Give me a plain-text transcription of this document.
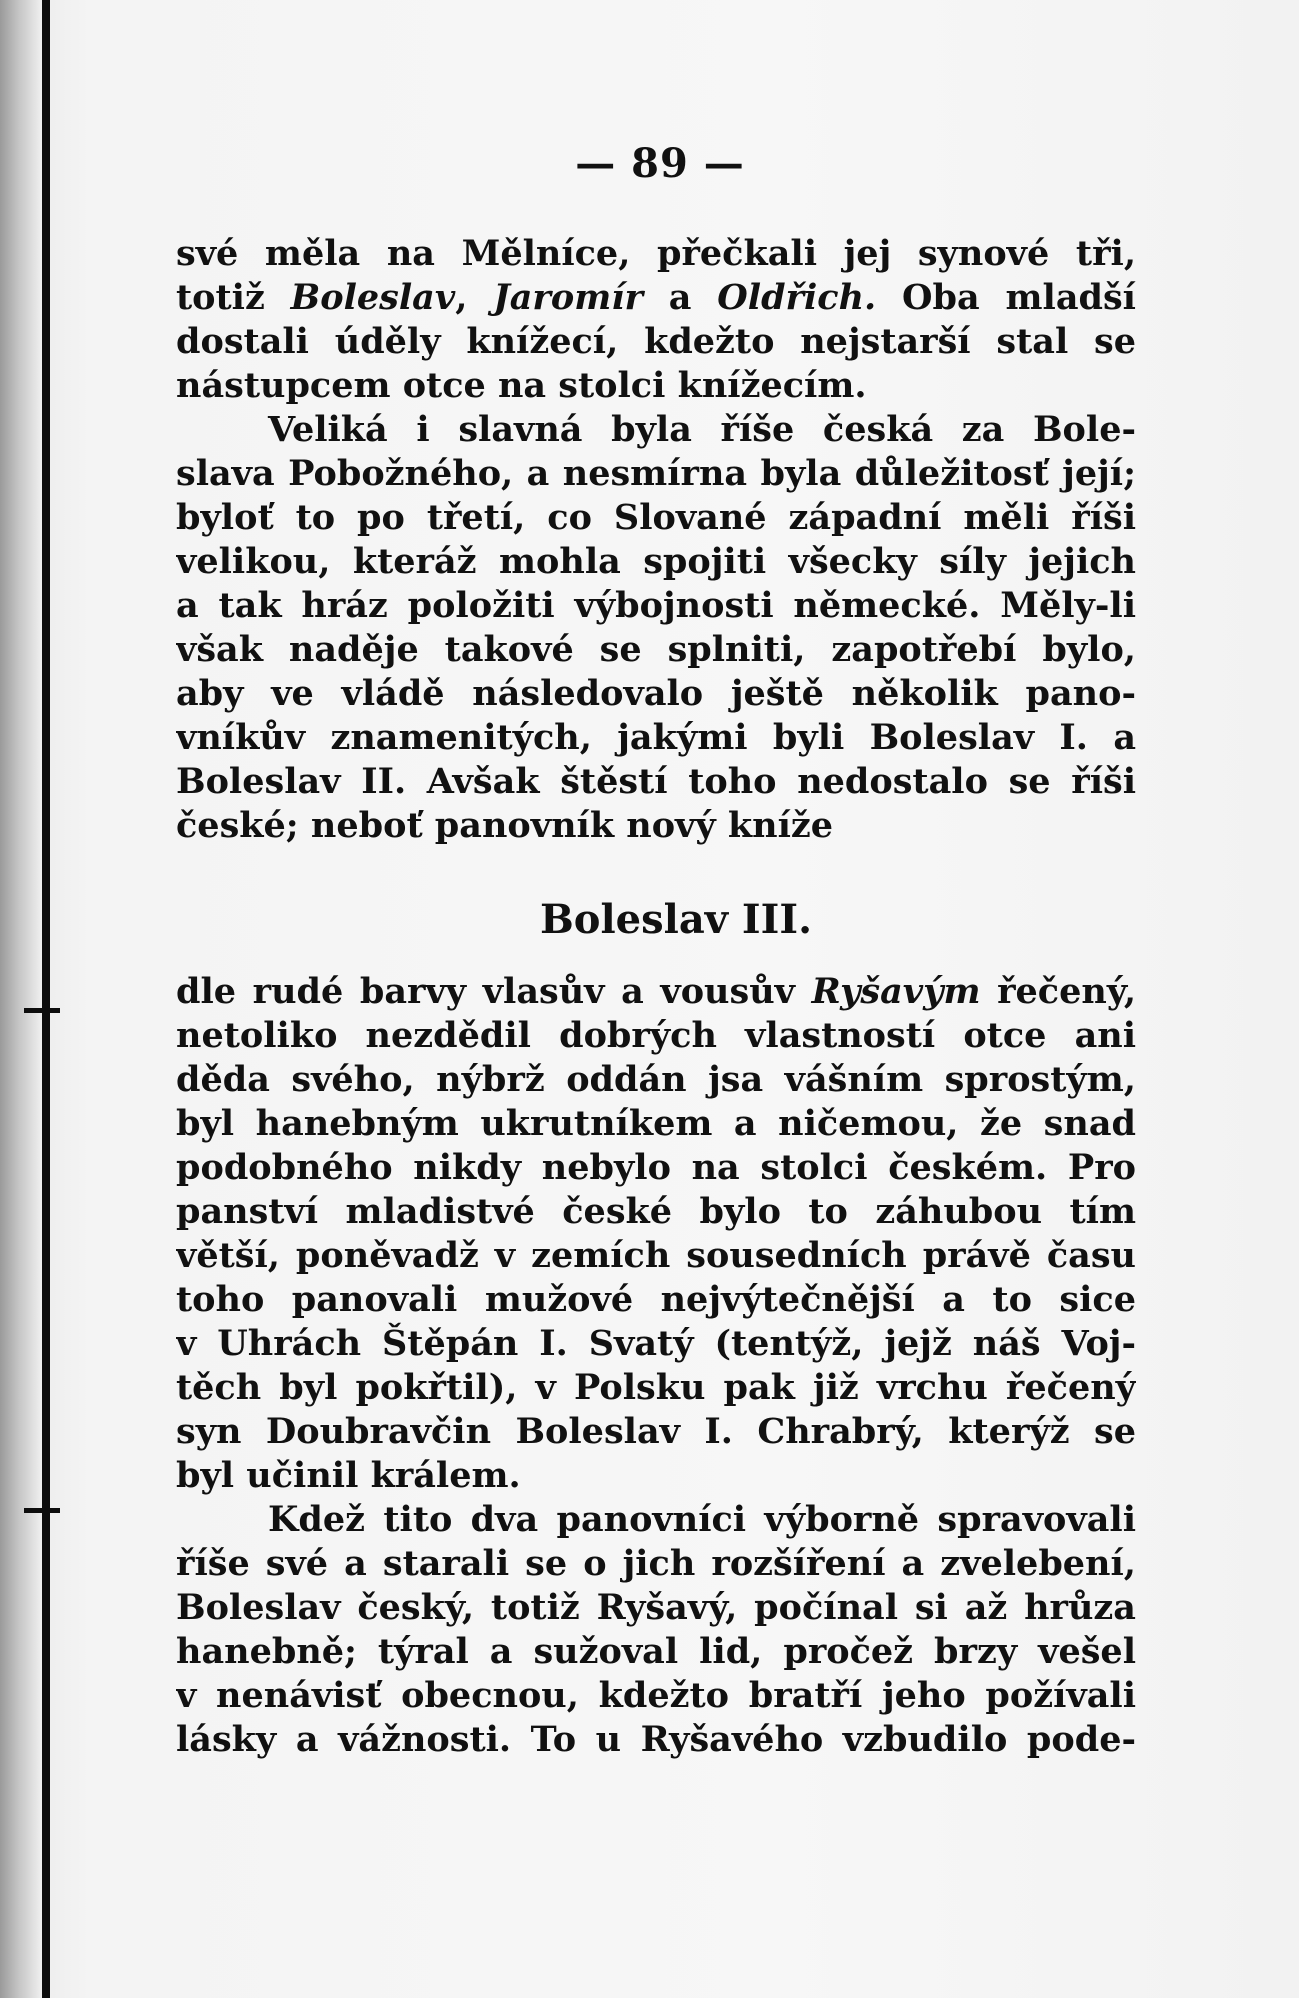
— 89 —
své měla na Mělníce, přečkali jej synové tři,
totiž Boleslav, Jaromír a Oldřich. Oba mladší
dostali úděly knížecí, kdežto nejstarší stal se
nástupcem otce na stolci knížecím.
Veliká i slavná byla říše česká za Bole-
slava Pobožného, a nesmírna byla důležitosť její;
byloť to po třetí, co Slované západní měli říši
velikou, kteráž mohla spojiti všecky síly jejich
a tak hráz položiti výbojnosti německé. Měly-li
však naděje takové se splniti, zapotřebí bylo,
aby ve vládě následovalo ještě několik pano-
vníkův znamenitých, jakými byli Boleslav I. a
Boleslav II. Avšak štěstí toho nedostalo se říši
české; neboť panovník nový kníže
Boleslav III.
dle rudé barvy vlasův a vousův Ryšavým řečený,
netoliko nezdědil dobrých vlastností otce ani
děda svého, nýbrž oddán jsa vášním sprostým,
byl hanebným ukrutníkem a ničemou, že snad
podobného nikdy nebylo na stolci českém. Pro
panství mladistvé české bylo to záhubou tím
větší, poněvadž v zemích sousedních právě času
toho panovali mužové nejvýtečnější a to sice
v Uhrách Štěpán I. Svatý (tentýž, jejž náš Voj-
těch byl pokřtil), v Polsku pak již vrchu řečený
syn Doubravčin Boleslav I. Chrabrý, kterýž se
byl učinil králem.
Kdež tito dva panovníci výborně spravovali
říše své a starali se o jich rozšíření a zvelebení,
Boleslav český, totiž Ryšavý, počínal si až hrůza
hanebně; týral a sužoval lid, pročež brzy vešel
v nenávisť obecnou, kdežto bratří jeho požívali
lásky a vážnosti. To u Ryšavého vzbudilo pode-
